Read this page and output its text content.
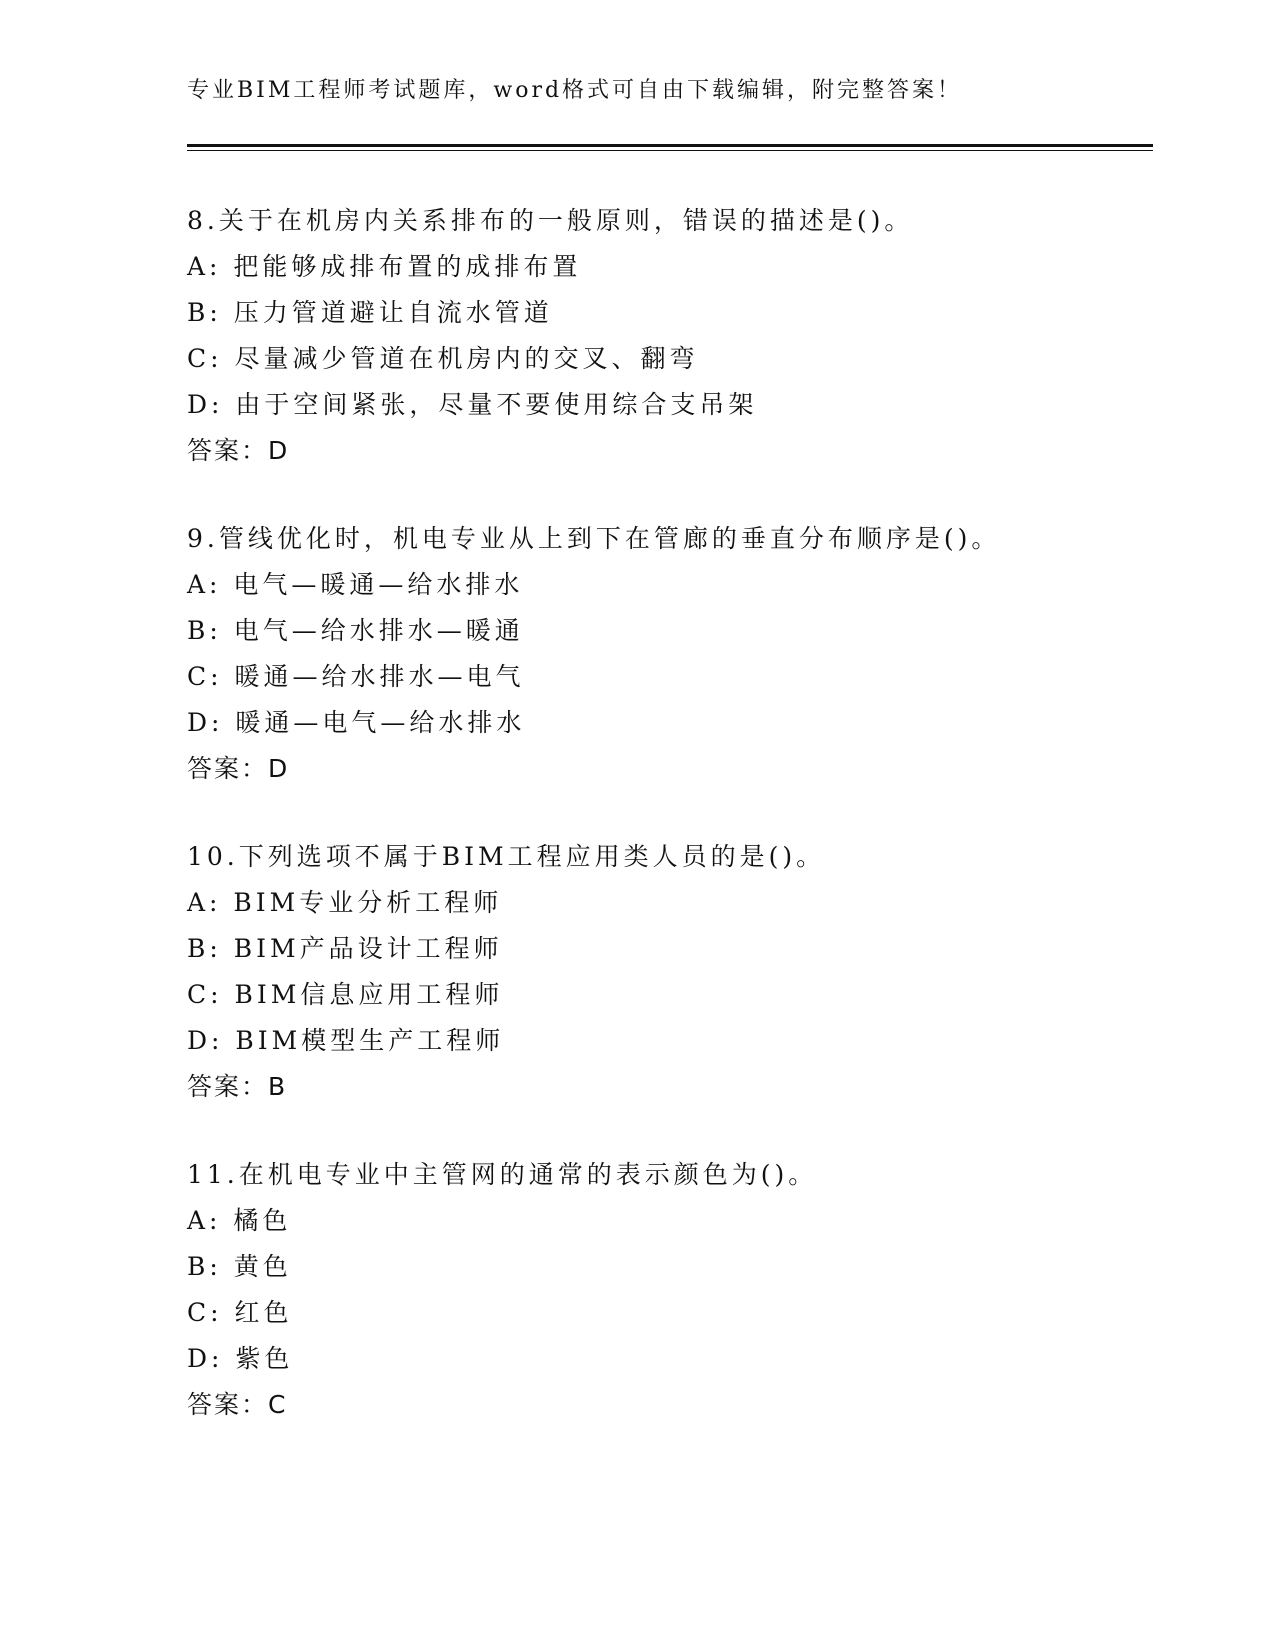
专业BIM工程师考试题库，word格式可自由下载编辑，附完整答案！
8.关于在机房内关系排布的一般原则，错误的描述是()。
A: 把能够成排布置的成排布置
B: 压力管道避让自流水管道
C: 尽量减少管道在机房内的交叉、翻弯
D: 由于空间紧张，尽量不要使用综合支吊架
答案：D
9.管线优化时，机电专业从上到下在管廊的垂直分布顺序是()。
A: 电气—暖通—给水排水
B: 电气—给水排水—暖通
C: 暖通—给水排水—电气
D: 暖通—电气—给水排水
答案：D
10.下列选项不属于BIM工程应用类人员的是()。
A: BIM专业分析工程师
B: BIM产品设计工程师
C: BIM信息应用工程师
D: BIM模型生产工程师
答案：B
11.在机电专业中主管网的通常的表示颜色为()。
A: 橘色
B: 黄色
C: 红色
D: 紫色
答案：C
